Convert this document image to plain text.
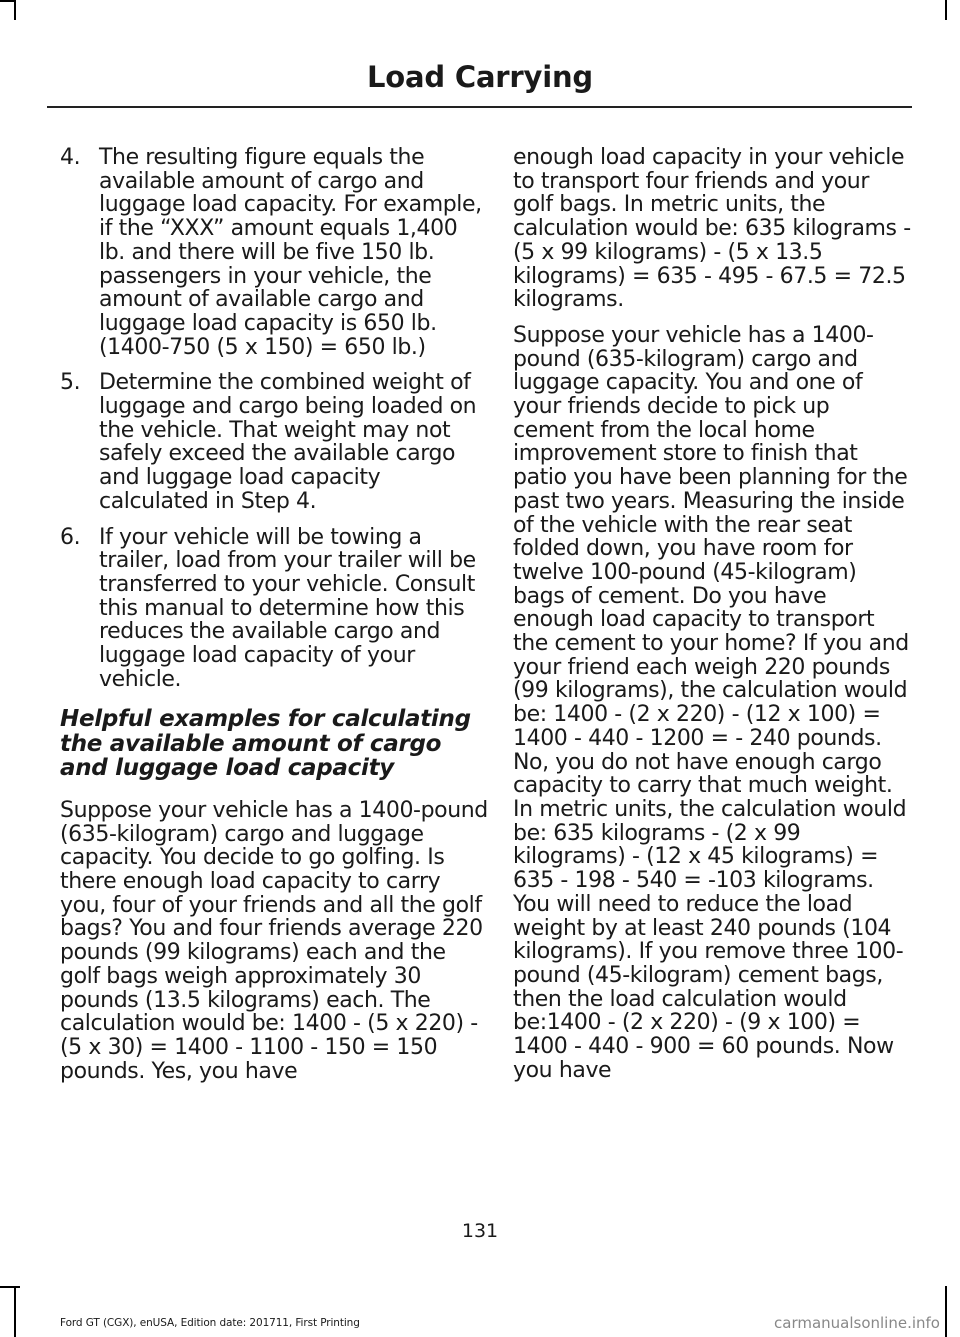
Load Carrying
4. The resulting figure equals the available amount of cargo and luggage load capacity. For example, if the “XXX” amount equals 1,400 lb. and there will be five 150 lb. passengers in your vehicle, the amount of available cargo and luggage load capacity is 650 lb. (1400-750 (5 x 150) = 650 lb.)
5. Determine the combined weight of luggage and cargo being loaded on the vehicle. That weight may not safely exceed the available cargo and luggage load capacity calculated in Step 4.
6. If your vehicle will be towing a trailer, load from your trailer will be transferred to your vehicle. Consult this manual to determine how this reduces the available cargo and luggage load capacity of your vehicle.
Helpful examples for calculating the available amount of cargo and luggage load capacity

Suppose your vehicle has a 1400-pound (635-kilogram) cargo and luggage capacity. You decide to go golfing. Is there enough load capacity to carry you, four of your friends and all the golf bags? You and four friends average 220 pounds (99 kilograms) each and the golf bags weigh approximately 30 pounds (13.5 kilograms) each. The calculation would be: 1400 - (5 x 220) - (5 x 30) = 1400 - 1100 - 150 = 150 pounds. Yes, you have

enough load capacity in your vehicle to transport four friends and your golf bags. In metric units, the calculation would be: 635 kilograms - (5 x 99 kilograms) - (5 x 13.5 kilograms) = 635 - 495 - 67.5 = 72.5 kilograms.

Suppose your vehicle has a 1400-pound (635-kilogram) cargo and luggage capacity. You and one of your friends decide to pick up cement from the local home improvement store to finish that patio you have been planning for the past two years. Measuring the inside of the vehicle with the rear seat folded down, you have room for twelve 100-pound (45-kilogram) bags of cement. Do you have enough load capacity to transport the cement to your home? If you and your friend each weigh 220 pounds (99 kilograms), the calculation would be: 1400 - (2 x 220) - (12 x 100) = 1400 - 440 - 1200 = - 240 pounds. No, you do not have enough cargo capacity to carry that much weight. In metric units, the calculation would be: 635 kilograms - (2 x 99 kilograms) - (12 x 45 kilograms) = 635 - 198 - 540 = -103 kilograms. You will need to reduce the load weight by at least 240 pounds (104 kilograms). If you remove three 100-pound (45-kilogram) cement bags, then the load calculation would be:1400 - (2 x 220) - (9 x 100) = 1400 - 440 - 900 = 60 pounds. Now you have

131
Ford GT (CGX), enUSA, Edition date: 201711, First Printing	carmanualsonline.info
